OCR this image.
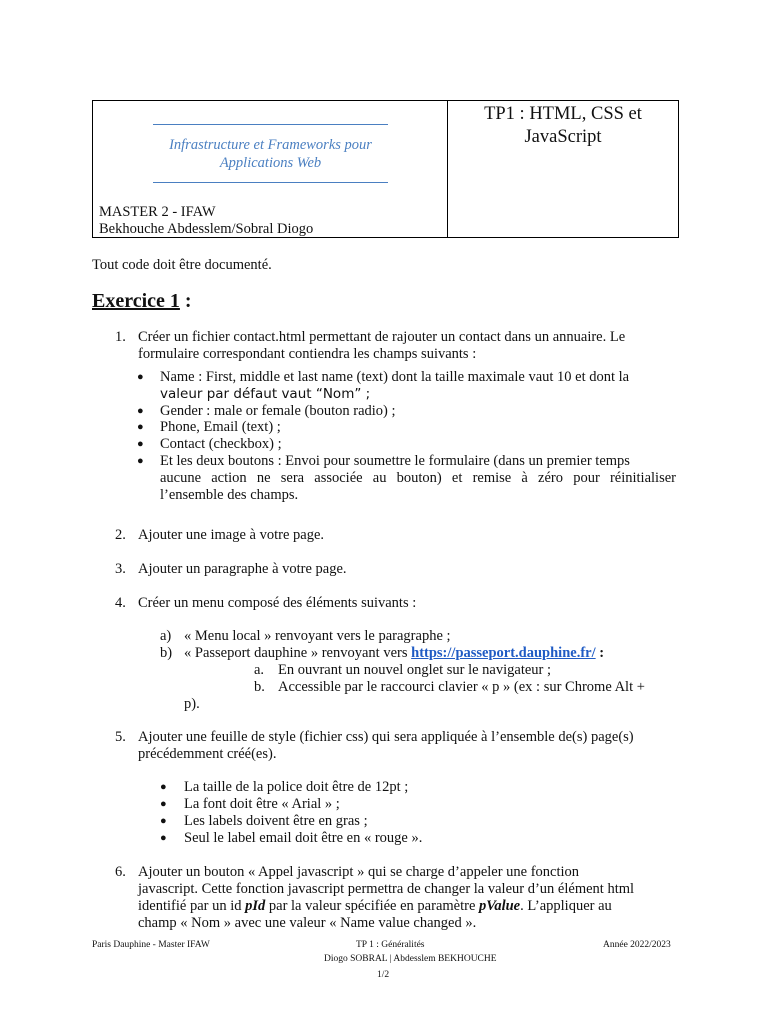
Infrastructure et Frameworks pour
Applications Web
MASTER 2 - IFAW
Bekhouche Abdesslem/Sobral Diogo
TP1 : HTML, CSS et
JavaScript
Tout code doit être documenté.
Exercice 1 :
1. Créer un fichier contact.html permettant de rajouter un contact dans un annuaire. Le
formulaire correspondant contiendra les champs suivants :
● Name : First, middle et last name (text) dont la taille maximale vaut 10 et dont la
valeur par défaut vaut “Nom” ;
● Gender : male or female (bouton radio) ;
● Phone, Email (text) ;
● Contact (checkbox) ;
● Et les deux boutons : Envoi pour soumettre le formulaire (dans un premier temps
aucune action ne sera associée au bouton) et remise à zéro pour réinitialiser
l’ensemble des champs.
2. Ajouter une image à votre page.
3. Ajouter un paragraphe à votre page.
4. Créer un menu composé des éléments suivants :
a) « Menu local » renvoyant vers le paragraphe ;
b) « Passeport dauphine » renvoyant vers https://passeport.dauphine.fr/ :
a. En ouvrant un nouvel onglet sur le navigateur ;
b. Accessible par le raccourci clavier « p » (ex : sur Chrome Alt +
p).
5. Ajouter une feuille de style (fichier css) qui sera appliquée à l’ensemble de(s) page(s)
précédemment créé(es).
● La taille de la police doit être de 12pt ;
● La font doit être « Arial » ;
● Les labels doivent être en gras ;
● Seul le label email doit être en « rouge ».
6. Ajouter un bouton « Appel javascript » qui se charge d’appeler une fonction
javascript. Cette fonction javascript permettra de changer la valeur d’un élément html
identifié par un id pId par la valeur spécifiée en paramètre pValue. L’appliquer au
champ « Nom » avec une valeur « Name value changed ».
Paris Dauphine - Master IFAW	TP 1 : Généralités	Année 2022/2023
Diogo SOBRAL | Abdesslem BEKHOUCHE
1/2
